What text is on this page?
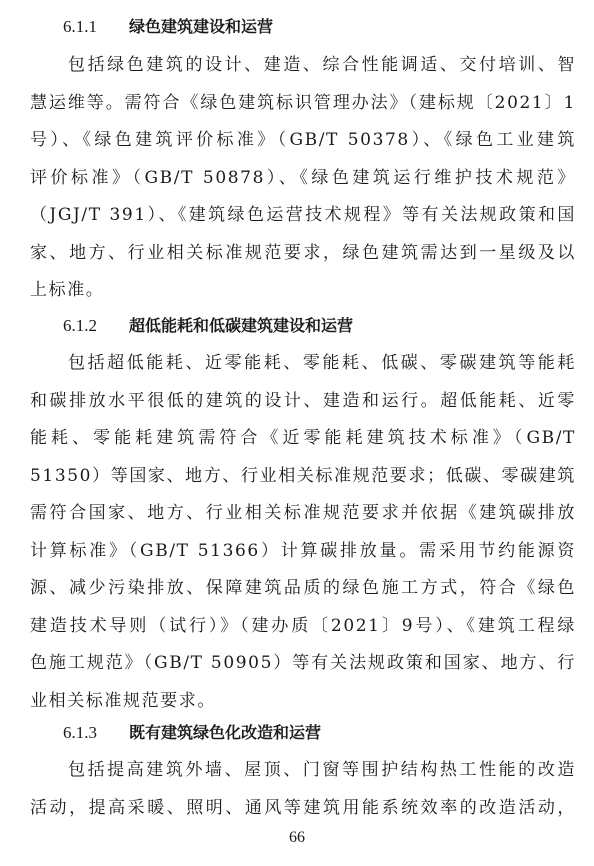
6.1.1 绿色建筑建设和运营
包括绿色建筑的设计、建造、综合性能调适、交付培训、智
慧运维等。需符合《绿色建筑标识管理办法》（建标规〔2021〕1
号）、《绿色建筑评价标准》（GB/T 50378）、《绿色工业建筑
评价标准》（GB/T 50878）、《绿色建筑运行维护技术规范》
（JGJ/T 391）、《建筑绿色运营技术规程》等有关法规政策和国
家、地方、行业相关标准规范要求，绿色建筑需达到一星级及以
上标准。
6.1.2 超低能耗和低碳建筑建设和运营
包括超低能耗、近零能耗、零能耗、低碳、零碳建筑等能耗
和碳排放水平很低的建筑的设计、建造和运行。超低能耗、近零
能耗、零能耗建筑需符合《近零能耗建筑技术标准》（GB/T
51350）等国家、地方、行业相关标准规范要求；低碳、零碳建筑
需符合国家、地方、行业相关标准规范要求并依据《建筑碳排放
计算标准》（GB/T 51366）计算碳排放量。需采用节约能源资
源、减少污染排放、保障建筑品质的绿色施工方式，符合《绿色
建造技术导则（试行）》（建办质〔2021〕9号）、《建筑工程绿
色施工规范》（GB/T 50905）等有关法规政策和国家、地方、行
业相关标准规范要求。
6.1.3 既有建筑绿色化改造和运营
包括提高建筑外墙、屋顶、门窗等围护结构热工性能的改造
活动，提高采暖、照明、通风等建筑用能系统效率的改造活动，
66
